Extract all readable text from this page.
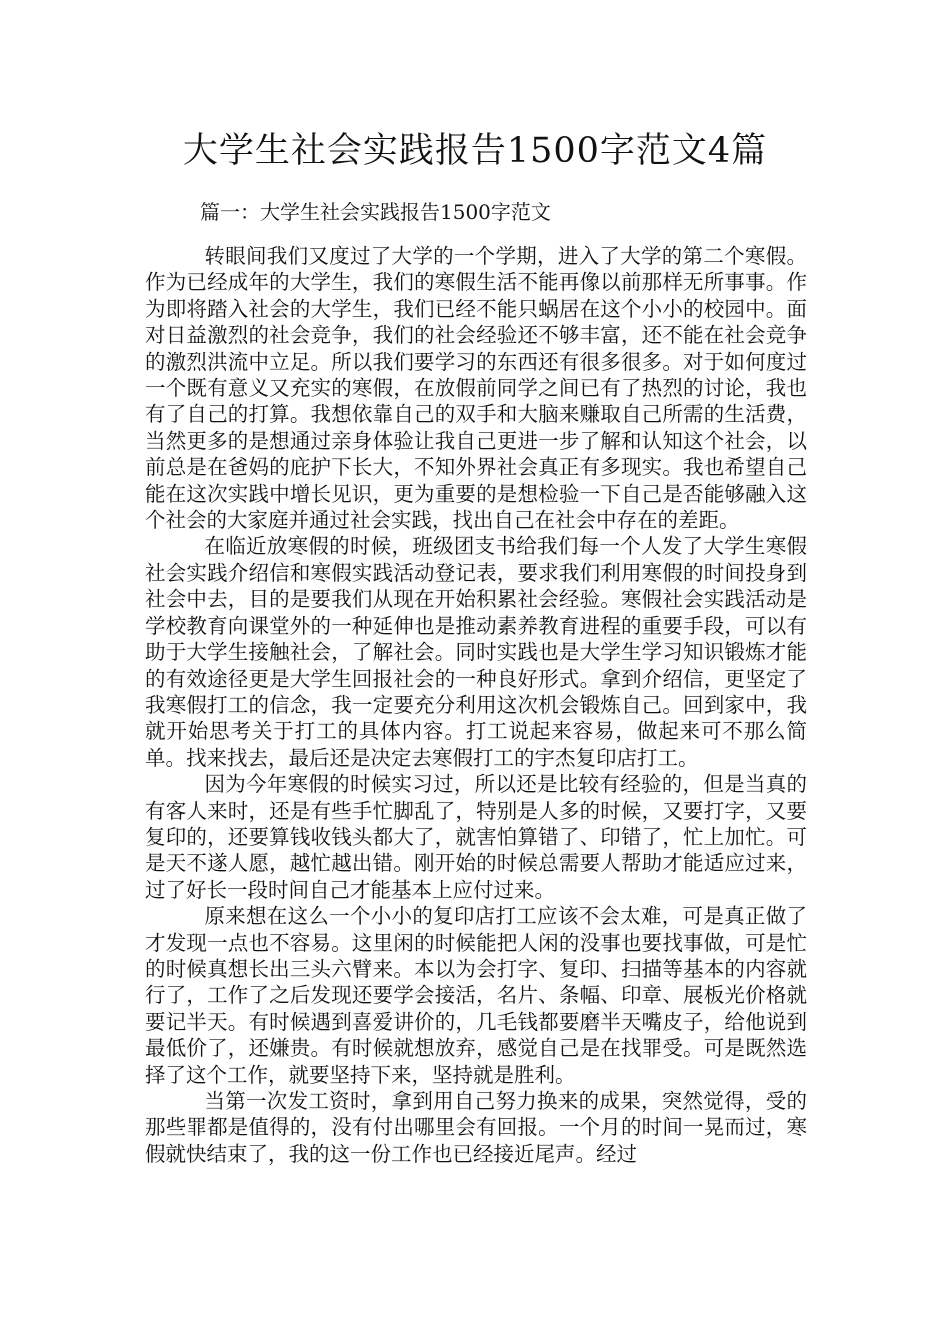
大学生社会实践报告1500字范文4篇
篇一：大学生社会实践报告1500字范文

转眼间我们又度过了大学的一个学期，进入了大学的第二个寒假。作为已经成年的大学生，我们的寒假生活不能再像以前那样无所事事。作为即将踏入社会的大学生，我们已经不能只蜗居在这个小小的校园中。面对日益激烈的社会竞争，我们的社会经验还不够丰富，还不能在社会竞争的激烈洪流中立足。所以我们要学习的东西还有很多很多。对于如何度过一个既有意义又充实的寒假，在放假前同学之间已有了热烈的讨论，我也有了自己的打算。我想依靠自己的双手和大脑来赚取自己所需的生活费，当然更多的是想通过亲身体验让我自己更进一步了解和认知这个社会，以前总是在爸妈的庇护下长大，不知外界社会真正有多现实。我也希望自己能在这次实践中增长见识，更为重要的是想检验一下自己是否能够融入这个社会的大家庭并通过社会实践，找出自己在社会中存在的差距。

在临近放寒假的时候，班级团支书给我们每一个人发了大学生寒假社会实践介绍信和寒假实践活动登记表，要求我们利用寒假的时间投身到社会中去，目的是要我们从现在开始积累社会经验。寒假社会实践活动是学校教育向课堂外的一种延伸也是推动素养教育进程的重要手段，可以有助于大学生接触社会，了解社会。同时实践也是大学生学习知识锻炼才能的有效途径更是大学生回报社会的一种良好形式。拿到介绍信，更坚定了我寒假打工的信念，我一定要充分利用这次机会锻炼自己。回到家中，我就开始思考关于打工的具体内容。打工说起来容易，做起来可不那么简单。找来找去，最后还是决定去寒假打工的宇杰复印店打工。

因为今年寒假的时候实习过，所以还是比较有经验的，但是当真的有客人来时，还是有些手忙脚乱了，特别是人多的时候，又要打字，又要复印的，还要算钱收钱头都大了，就害怕算错了、印错了，忙上加忙。可是天不遂人愿，越忙越出错。刚开始的时候总需要人帮助才能适应过来，过了好长一段时间自己才能基本上应付过来。

原来想在这么一个小小的复印店打工应该不会太难，可是真正做了才发现一点也不容易。这里闲的时候能把人闲的没事也要找事做，可是忙的时候真想长出三头六臂来。本以为会打字、复印、扫描等基本的内容就行了，工作了之后发现还要学会接活，名片、条幅、印章、展板光价格就要记半天。有时候遇到喜爱讲价的，几毛钱都要磨半天嘴皮子，给他说到最低价了，还嫌贵。有时候就想放弃，感觉自己是在找罪受。可是既然选择了这个工作，就要坚持下来，坚持就是胜利。

当第一次发工资时，拿到用自己努力换来的成果，突然觉得，受的那些罪都是值得的，没有付出哪里会有回报。一个月的时间一晃而过，寒假就快结束了，我的这一份工作也已经接近尾声。经过
